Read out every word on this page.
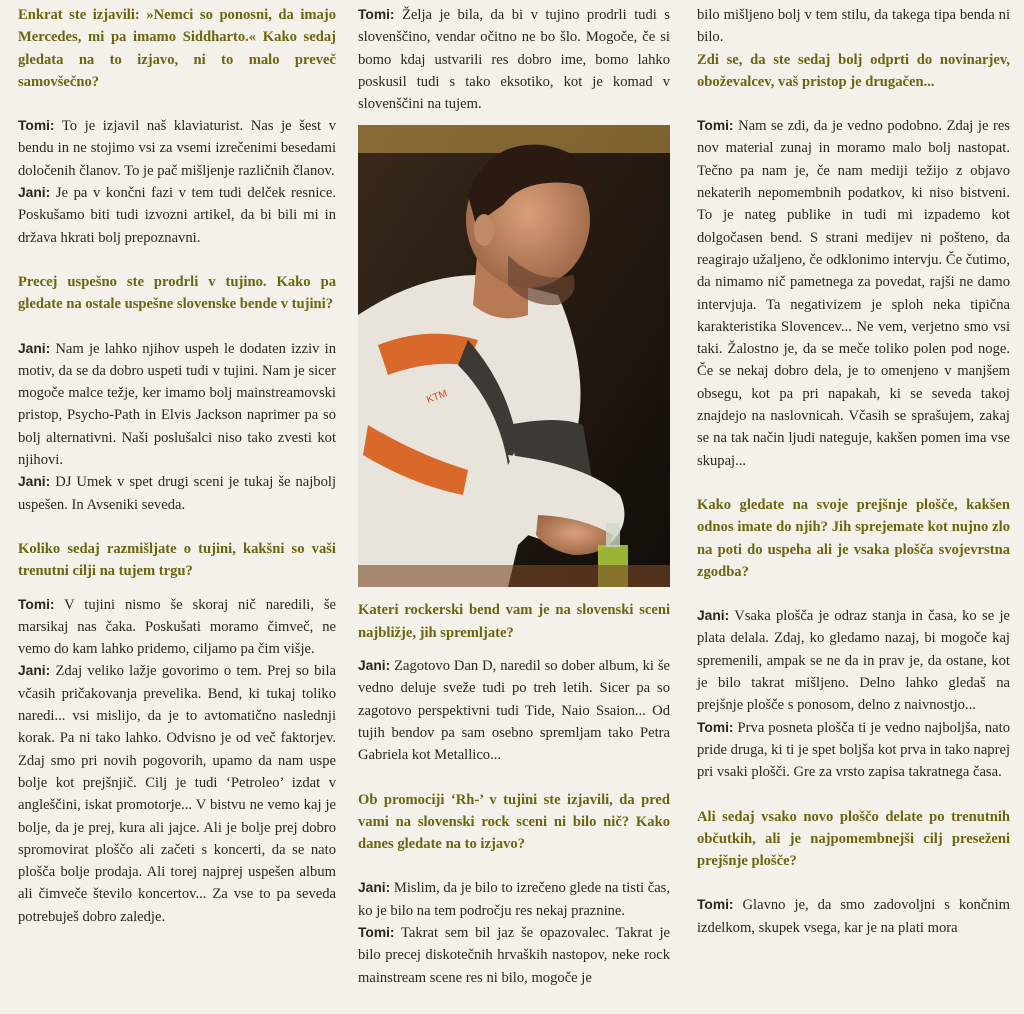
Enkrat ste izjavili: »Nemci so ponosni, da imajo Mercedes, mi pa imamo Siddharto.« Kako sedaj gledata na to izjavo, ni to malo preveč samovšečno?

Tomi: To je izjavil naš klaviaturist. Nas je šest v bendu in ne stojimo vsi za vsemi izrečenimi besedami določenih članov. To je pač mišljenje različnih članov.

Jani: Je pa v končni fazi v tem tudi delček resnice. Poskušamo biti tudi izvozni artikel, da bi bili mi in država hkrati bolj prepoznavni.

Precej uspešno ste prodrli v tujino. Kako pa gledate na ostale uspešne slovenske bende v tujini?

Jani: Nam je lahko njihov uspeh le dodaten izziv in motiv, da se da dobro uspeti tudi v tujini. Nam je sicer mogoče malce težje, ker imamo bolj mainstreamovski pristop, Psycho-Path in Elvis Jackson naprimer pa so bolj alternativni. Naši poslušalci niso tako zvesti kot njihovi.

Jani: DJ Umek v spet drugi sceni je tukaj še najbolj uspešen. In Avseniki seveda.

Koliko sedaj razmišljate o tujini, kakšni so vaši trenutni cilji na tujem trgu?

Tomi: V tujini nismo še skoraj nič naredili, še marsikaj nas čaka. Poskušati moramo čimveč, ne vemo do kam lahko pridemo, ciljamo pa čim višje.

Jani: Zdaj veliko lažje govorimo o tem. Prej so bila včasih pričakovanja prevelika. Bend, ki tukaj toliko naredi... vsi mislijo, da je to avtomatično naslednji korak. Pa ni tako lahko. Odvisno je od več faktorjev. Zdaj smo pri novih pogovorih, upamo da nam uspe bolje kot prejšnjič. Cilj je tudi ‘Petroleo’ izdat v angleščini, iskat promotorje... V bistvu ne vemo kaj je bolje, da je prej, kura ali jajce. Ali je bolje prej dobro spromovirat ploščo ali začeti s koncerti, da se nato plošča bolje prodaja. Ali torej najprej uspešen album ali čimveče število koncertov... Za vse to pa seveda potrebuješ dobro zaledje.

Tomi: Želja je bila, da bi v tujino prodrli tudi s slovenščino, vendar očitno ne bo šlo. Mogoče, če si bomo kdaj ustvarili res dobro ime, bomo lahko poskusil tudi s tako eksotiko, kot je komad v slovenščini na tujem.

KTM

Kateri rockerski bend vam je na slovenski sceni najbližje, jih spremljate?

Jani: Zagotovo Dan D, naredil so dober album, ki še vedno deluje sveže tudi po treh letih. Sicer pa so zagotovo perspektivni tudi Tide, Naio Ssaion... Od tujih bendov pa sam osebno spremljam tako Petra Gabriela kot Metallico...

Ob promociji ‘Rh-’ v tujini ste izjavili, da pred vami na slovenski rock sceni ni bilo nič? Kako danes gledate na to izjavo?

Jani: Mislim, da je bilo to izrečeno glede na tisti čas, ko je bilo na tem področju res nekaj praznine.

Tomi: Takrat sem bil jaz še opazovalec. Takrat je bilo precej diskotečnih hrvaških nastopov, neke rock mainstream scene res ni bilo, mogoče je

bilo mišljeno bolj v tem stilu, da takega tipa benda ni bilo.

Zdi se, da ste sedaj bolj odprti do novinarjev, oboževalcev, vaš pristop je drugačen...

Tomi: Nam se zdi, da je vedno podobno. Zdaj je res nov material zunaj in moramo malo bolj nastopat. Tečno pa nam je, če nam mediji težijo z objavo nekaterih nepomembnih podatkov, ki niso bistveni. To je nateg publike in tudi mi izpademo kot dolgočasen bend. S strani medijev ni pošteno, da reagirajo užaljeno, če odklonimo intervju. Če čutimo, da nimamo nič pametnega za povedat, rajši ne damo intervjuja. Ta negativizem je sploh neka tipična karakteristika Slovencev... Ne vem, verjetno smo vsi taki. Žalostno je, da se meče toliko polen pod noge. Če se nekaj dobro dela, je to omenjeno v manjšem obsegu, kot pa pri napakah, ki se seveda takoj znajdejo na naslovnicah. Včasih se sprašujem, zakaj se na tak način ljudi nateguje, kakšen pomen ima vse skupaj...

Kako gledate na svoje prejšnje plošče, kakšen odnos imate do njih? Jih sprejemate kot nujno zlo na poti do uspeha ali je vsaka plošča svojevrstna zgodba?

Jani: Vsaka plošča je odraz stanja in časa, ko se je plata delala. Zdaj, ko gledamo nazaj, bi mogoče kaj spremenili, ampak se ne da in prav je, da ostane, kot je bilo takrat mišljeno. Delno lahko gledaš na prejšnje plošče s ponosom, delno z naivnostjo...

Tomi: Prva posneta plošča ti je vedno najboljša, nato pride druga, ki ti je spet boljša kot prva in tako naprej pri vsaki plošči. Gre za vrsto zapisa takratnega časa.

Ali sedaj vsako novo ploščo delate po trenutnih občutkih, ali je najpomembnejši cilj preseženi prejšnje plošče?

Tomi: Glavno je, da smo zadovoljni s končnim izdelkom, skupek vsega, kar je na plati mora
